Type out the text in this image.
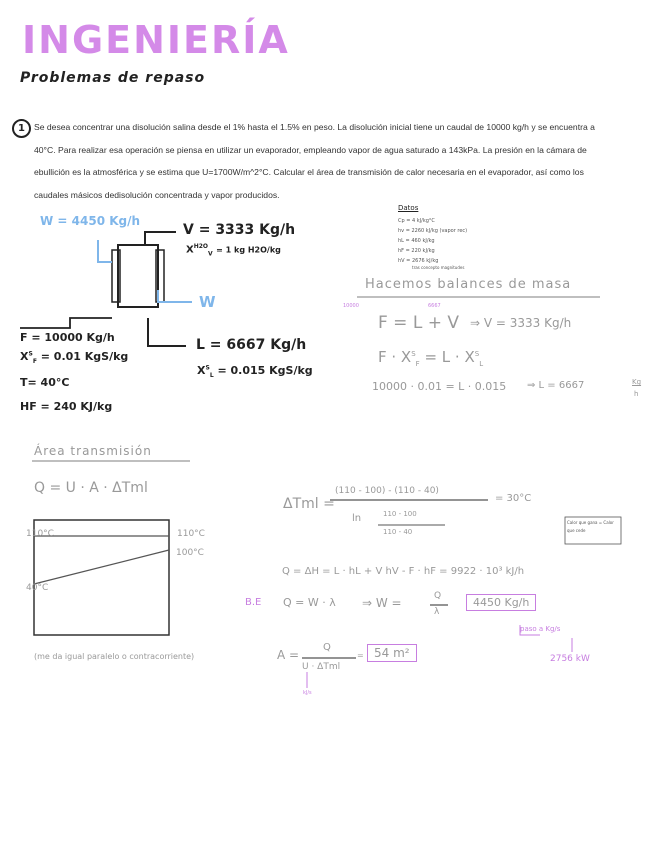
INGENIERÍA
Problemas de repaso
1	Se desea concentrar una disolución salina desde el 1% hasta el 1.5% en peso. La disolución inicial tiene un caudal de 10000 kg/h y se encuentra a 40°C. Para realizar esa operación se piensa en utilizar un evaporador, empleando vapor de agua saturado a 143kPa. La presión en la cámara de ebullición es la atmosférica y se estima que U=1700W/m^2°C. Calcular el área de transmisión de calor necesaria en el evaporador, así como los caudales másicos dedisolución concentrada y vapor producidos.
W = 4450 Kg/h
V = 3333 Kg/h
$X^{H2O}_V = 1$ kg H2O/kg
W
L = 6667 Kg/h
$X^S_L = 0.015$ KgS/kg
F = 10000 Kg/h
$X^S_F = 0.01$ KgS/kg
T= 40°C
HF = 240 KJ/kg
Datos
Cp = 4 kJ/kg°C
hv = 2260 kJ/kg (vapor rec)
hL = 460 kJ/kg
hF = 220 kJ/kg
hV = 2676 kJ/kg
tras concepto magnitudes
Hacemos balances de masa
10000	6667
F = L + V ⇒ V = 3333 Kg/h
$F \cdot X^S_F = L \cdot X^S_L$
10000 · 0.01 = L · 0.015 ⇒ L = 6667	Kg
h
Área transmisión
Q = U · A · ΔTml
110°C	110°C
100°C
40°C
(me da igual paralelo o contracorriente)
ΔTml =
(110 - 100) - (110 - 40)
ln	110 - 100
110 - 40
= 30°C
Calor que gana = Calor que cede
Q = ΔH = L · hL + V hV - F · hF = 9922 · 10³ kJ/h
B.E Q = W · λ ⇒ W =	Q
λ
4450 Kg/h
paso a Kg/s
2756 kW
A =
Q
U · ΔTml
= 54 m²
kJ/s
